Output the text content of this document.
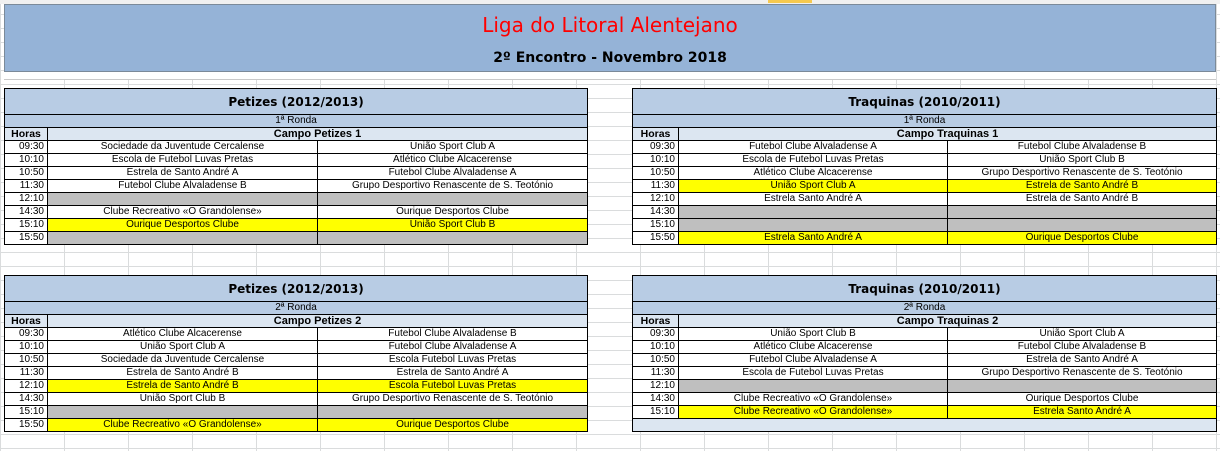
Liga do Litoral Alentejano
2º Encontro - Novembro 2018
Petizes (2012/2013)		
1ª Ronda		
Horas	Campo Petizes 1	
09:30	Sociedade da Juventude Cercalense	União Sport Club A
10:10	Escola de Futebol Luvas Pretas	Atlético Clube Alcacerense
10:50	Estrela de Santo André A	Futebol Clube Alvaladense A
11:30	Futebol Clube Alvaladense B	Grupo Desportivo Renascente de S. Teotónio
12:10		
14:30	Clube Recreativo «O Grandolense»	Ourique Desportos Clube
15:10	Ourique Desportos Clube	União Sport Club B
15:50		
Traquinas (2010/2011)		
1ª Ronda		
Horas	Campo Traquinas 1	
09:30	Futebol Clube Alvaladense A	Futebol Clube Alvaladense B
10:10	Escola de Futebol Luvas Pretas	União Sport Club B
10:50	Atlético Clube Alcacerense	Grupo Desportivo Renascente de S. Teotónio
11:30	União Sport Club A	Estrela de Santo André B
12:10	Estrela Santo André A	Estrela de Santo André B
14:30		
15:10		
15:50	Estrela Santo André A	Ourique Desportos Clube
Petizes (2012/2013)		
2ª Ronda		
Horas	Campo Petizes 2	
09:30	Atlético Clube Alcacerense	Futebol Clube Alvaladense B
10:10	União Sport Club A	Futebol Clube Alvaladense A
10:50	Sociedade da Juventude Cercalense	Escola Futebol Luvas Pretas
11:30	Estrela de Santo André B	Estrela de Santo André A
12:10	Estrela de Santo André B	Escola Futebol Luvas Pretas
14:30	União Sport Club B	Grupo Desportivo Renascente de S. Teotónio
15:10		
15:50	Clube Recreativo «O Grandolense»	Ourique Desportos Clube
Traquinas (2010/2011)		
2ª Ronda		
Horas	Campo Traquinas 2	
09:30	União Sport Club B	União Sport Club A
10:10	Atlético Clube Alcacerense	Futebol Clube Alvaladense B
10:50	Futebol Clube Alvaladense A	Estrela de Santo André A
11:30	Escola de Futebol Luvas Pretas	Grupo Desportivo Renascente de S. Teotónio
12:10		
14:30	Clube Recreativo «O Grandolense»	Ourique Desportos Clube
15:10	Clube Recreativo «O Grandolense»	Estrela Santo André A
